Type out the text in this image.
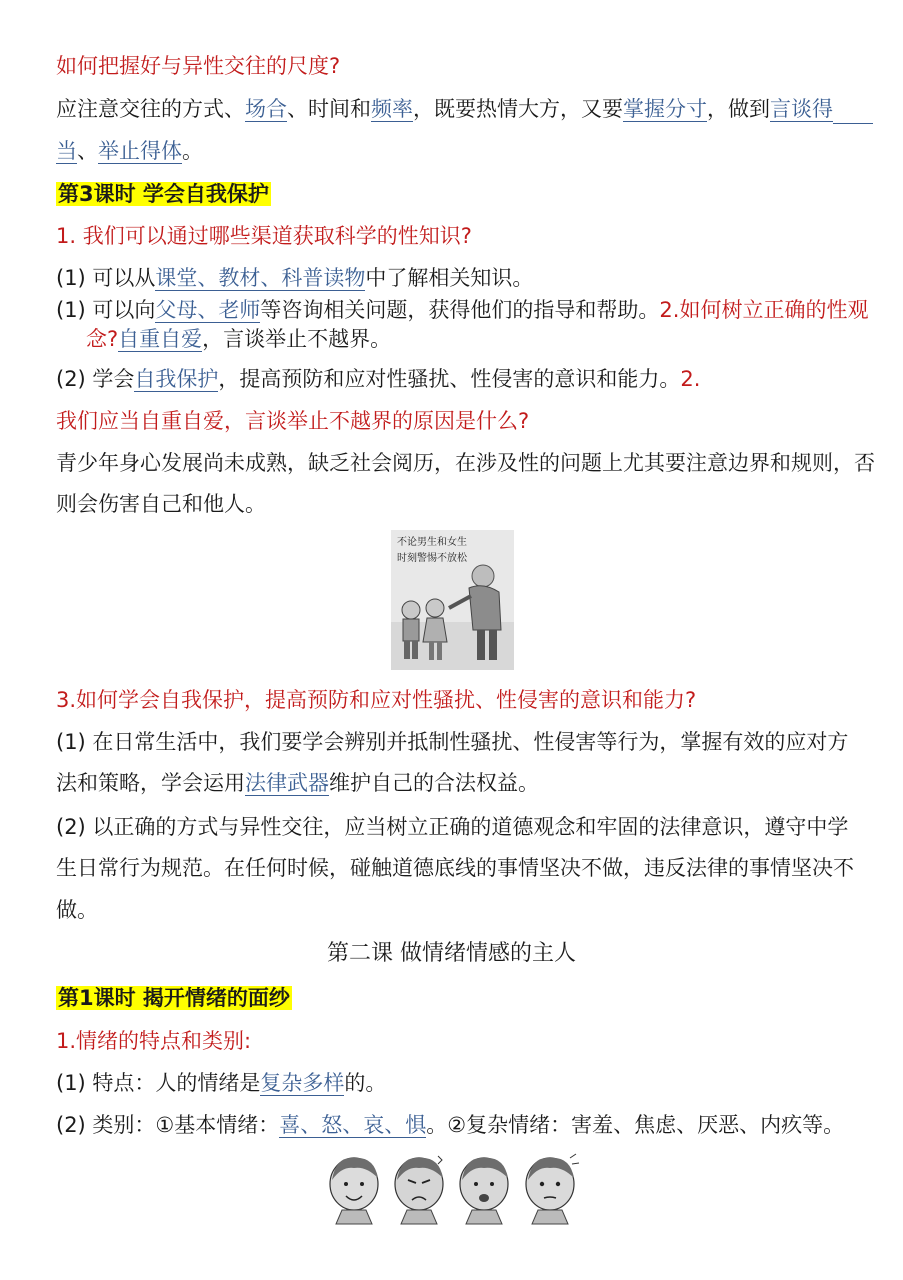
如何把握好与异性交往的尺度?
应注意交往的方式、场合、时间和频率，既要热情大方，又要掌握分寸，做到言谈得
当、举止得体。
第3课时 学会自我保护
1. 我们可以通过哪些渠道获取科学的性知识?
(1) 可以从课堂、教材、科普读物中了解相关知识。
(1) 可以向父母、老师等咨询相关问题，获得他们的指导和帮助。2.如何树立正确的性观
念?自重自爱，言谈举止不越界。
(2) 学会自我保护，提高预防和应对性骚扰、性侵害的意识和能力。2.
我们应当自重自爱，言谈举止不越界的原因是什么?
青少年身心发展尚未成熟，缺乏社会阅历，在涉及性的问题上尤其要注意边界和规则，否
则会伤害自己和他人。
不论男生和女生
时刻警惕不放松
3.如何学会自我保护，提高预防和应对性骚扰、性侵害的意识和能力?
(1) 在日常生活中，我们要学会辨别并抵制性骚扰、性侵害等行为，掌握有效的应对方
法和策略，学会运用法律武器维护自己的合法权益。
(2) 以正确的方式与异性交往，应当树立正确的道德观念和牢固的法律意识，遵守中学
生日常行为规范。在任何时候，碰触道德底线的事情坚决不做，违反法律的事情坚决不
做。
第二课 做情绪情感的主人
第1课时 揭开情绪的面纱
1.情绪的特点和类别:
(1) 特点：人的情绪是复杂多样的。
(2) 类别：①基本情绪：喜、怒、哀、惧。②复杂情绪：害羞、焦虑、厌恶、内疚等。
